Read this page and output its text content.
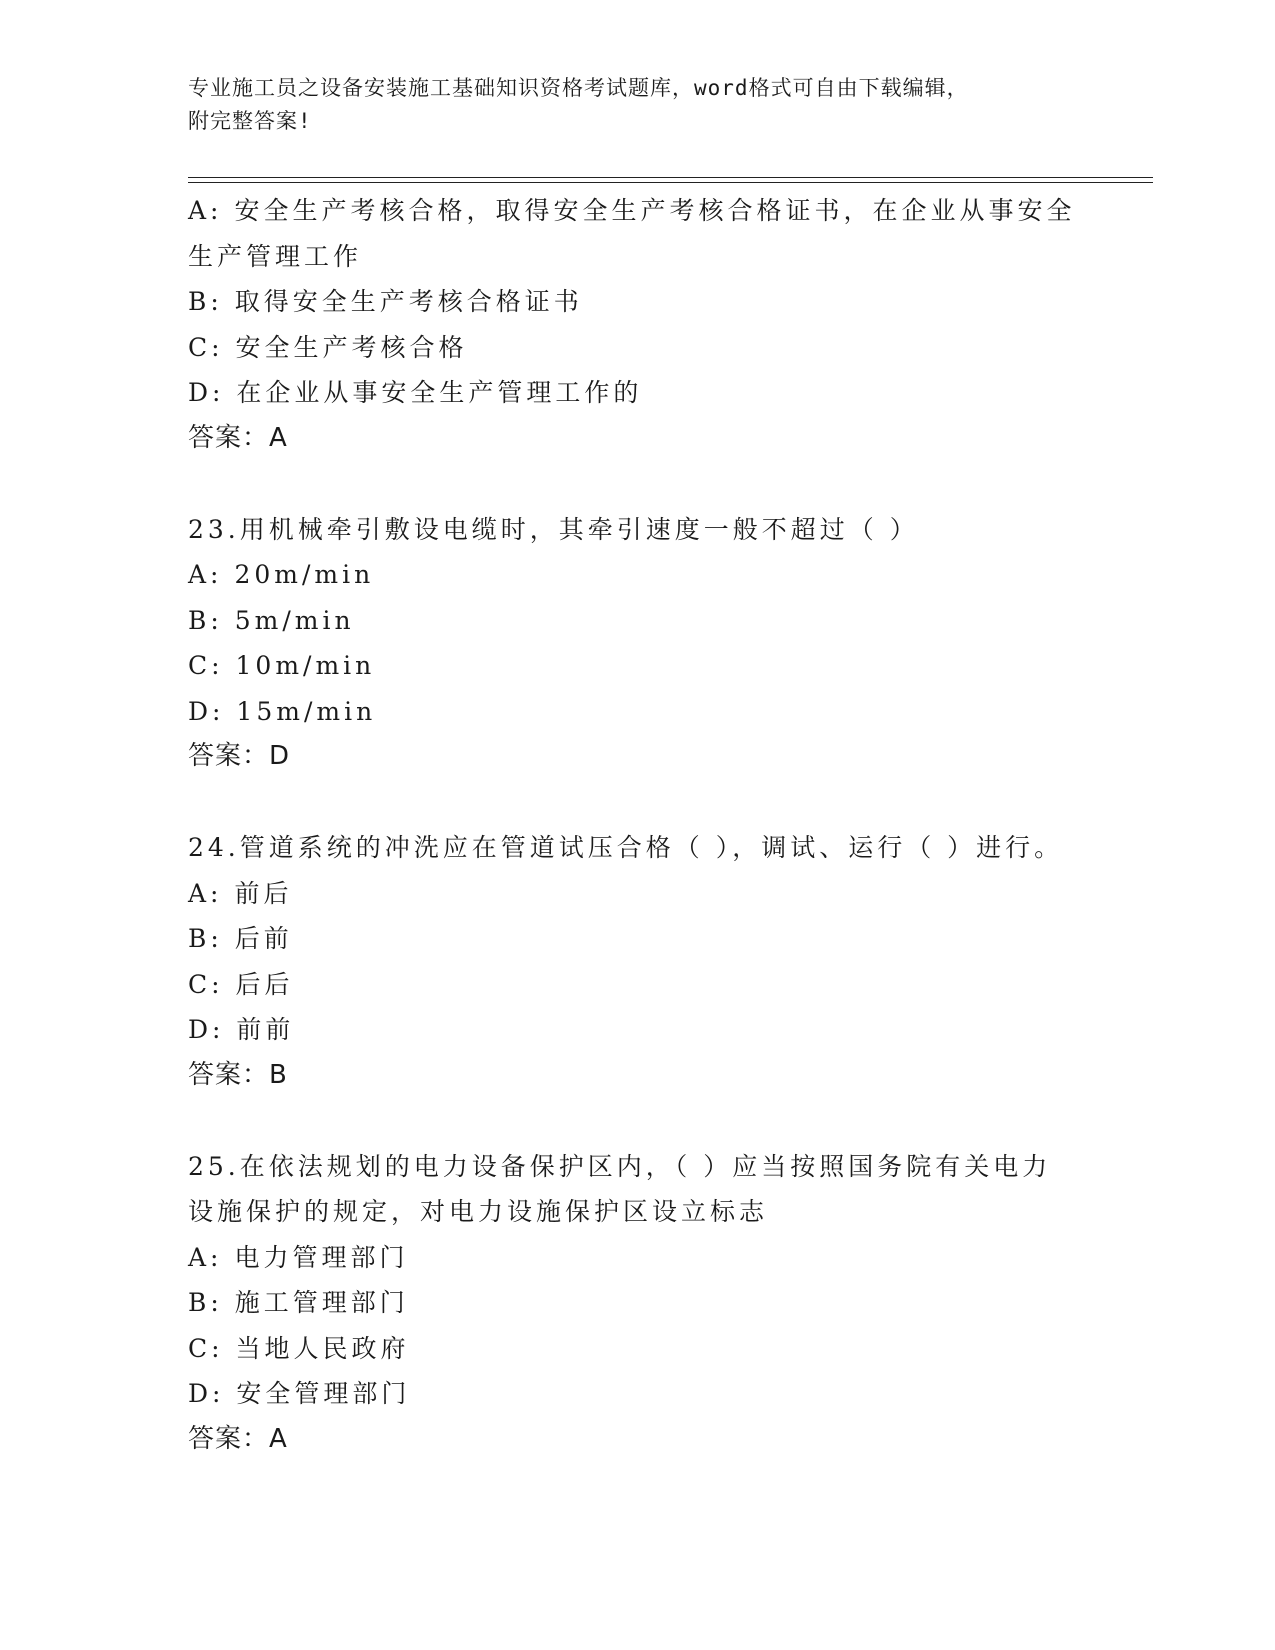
专业施工员之设备安装施工基础知识资格考试题库，word格式可自由下载编辑，
附完整答案!
A: 安全生产考核合格，取得安全生产考核合格证书，在企业从事安全
生产管理工作
B: 取得安全生产考核合格证书
C: 安全生产考核合格
D: 在企业从事安全生产管理工作的
答案：A
23.用机械牵引敷设电缆时，其牵引速度一般不超过（ ）
A: 20m/min
B: 5m/min
C: 10m/min
D: 15m/min
答案：D
24.管道系统的冲洗应在管道试压合格（ ），调试、运行（ ）进行。
A: 前后
B: 后前
C: 后后
D: 前前
答案：B
25.在依法规划的电力设备保护区内，（ ）应当按照国务院有关电力
设施保护的规定，对电力设施保护区设立标志
A: 电力管理部门
B: 施工管理部门
C: 当地人民政府
D: 安全管理部门
答案：A
